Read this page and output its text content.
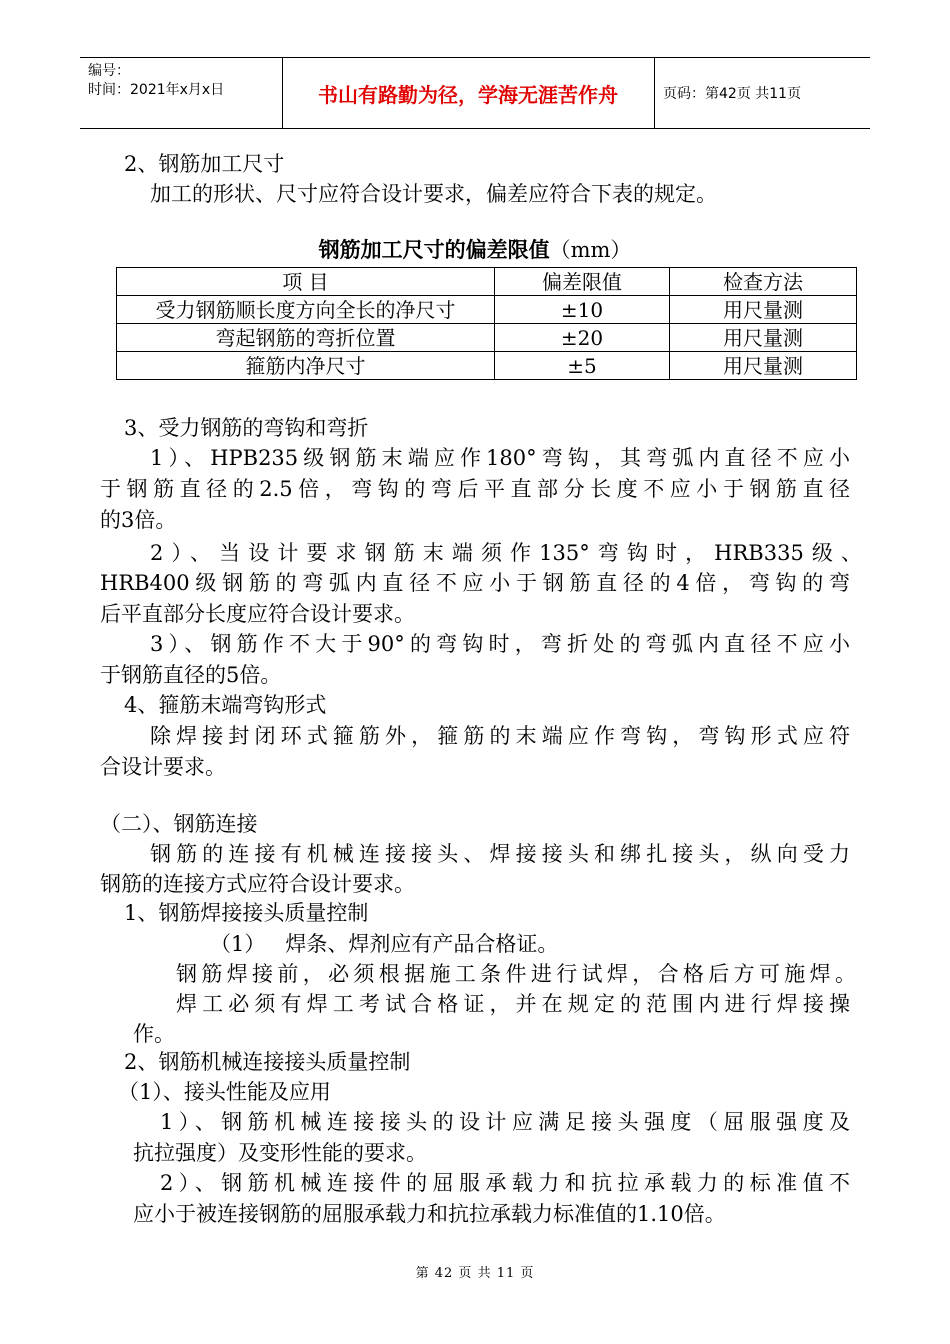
编号：
时间：2021年x月x日	书山有路勤为径，学海无涯苦作舟	页码：第42页 共11页
2、钢筋加工尺寸
加工的形状、尺寸应符合设计要求，偏差应符合下表的规定。
钢筋加工尺寸的偏差限值（mm）
项 目	偏差限值	检查方法
受力钢筋顺长度方向全长的净尺寸	±10	用尺量测
弯起钢筋的弯折位置	±20	用尺量测
箍筋内净尺寸	±5	用尺量测
3、受力钢筋的弯钩和弯折
1）、HPB235级钢筋末端应作180°弯钩，其弯弧内直径不应小
于钢筋直径的2.5倍，弯钩的弯后平直部分长度不应小于钢筋直径
的3倍。
2）、当设计要求钢筋末端须作135°弯钩时，HRB335级、
HRB400级钢筋的弯弧内直径不应小于钢筋直径的4倍，弯钩的弯
后平直部分长度应符合设计要求。
3）、钢筋作不大于90°的弯钩时，弯折处的弯弧内直径不应小
于钢筋直径的5倍。
4、箍筋末端弯钩形式
除焊接封闭环式箍筋外，箍筋的末端应作弯钩，弯钩形式应符
合设计要求。
（二）、钢筋连接
钢筋的连接有机械连接接头、焊接接头和绑扎接头，纵向受力
钢筋的连接方式应符合设计要求。
1、钢筋焊接接头质量控制
（1）   焊条、焊剂应有产品合格证。
钢筋焊接前，必须根据施工条件进行试焊，合格后方可施焊。
焊工必须有焊工考试合格证，并在规定的范围内进行焊接操
作。
2、钢筋机械连接接头质量控制
（1）、接头性能及应用
1）、钢筋机械连接接头的设计应满足接头强度（屈服强度及
抗拉强度）及变形性能的要求。
2）、钢筋机械连接件的屈服承载力和抗拉承载力的标准值不
应小于被连接钢筋的屈服承载力和抗拉承载力标准值的1.10倍。
第 42 页 共 11 页
